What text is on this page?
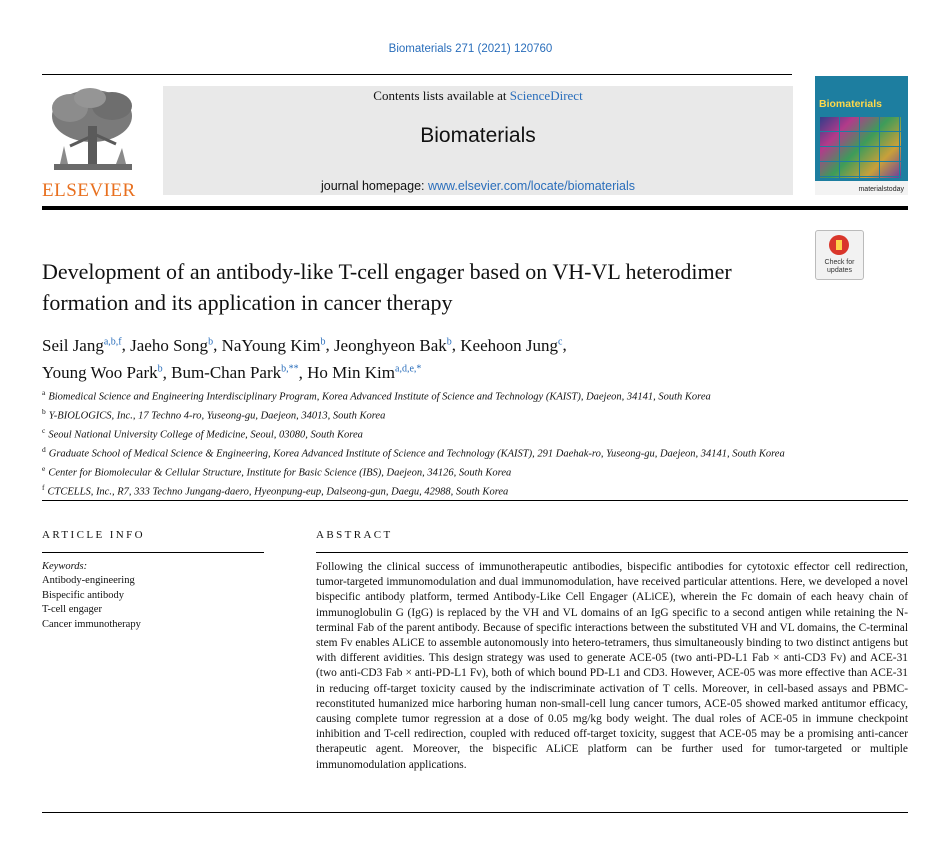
Biomaterials 271 (2021) 120760
ELSEVIER
Contents lists available at ScienceDirect
Biomaterials
journal homepage: www.elsevier.com/locate/biomaterials
Biomaterials
materialstoday
Check for updates
Development of an antibody-like T-cell engager based on VH-VL heterodimer formation and its application in cancer therapy
Seil Jang$^{a,b,f}$, Jaeho Song$^b$, NaYoung Kim$^b$, Jeonghyeon Bak$^b$, Keehoon Jung$^c$,
Young Woo Park$^b$, Bum-Chan Park$^{b,**}$, Ho Min Kim$^{a,d,e,*}$
$^a$ Biomedical Science and Engineering Interdisciplinary Program, Korea Advanced Institute of Science and Technology (KAIST), Daejeon, 34141, South Korea
$^b$ Y-BIOLOGICS, Inc., 17 Techno 4-ro, Yuseong-gu, Daejeon, 34013, South Korea
$^c$ Seoul National University College of Medicine, Seoul, 03080, South Korea
$^d$ Graduate School of Medical Science & Engineering, Korea Advanced Institute of Science and Technology (KAIST), 291 Daehak-ro, Yuseong-gu, Daejeon, 34141, South Korea
$^e$ Center for Biomolecular & Cellular Structure, Institute for Basic Science (IBS), Daejeon, 34126, South Korea
$^f$ CTCELLS, Inc., R7, 333 Techno Jungang-daero, Hyeonpung-eup, Dalseong-gun, Daegu, 42988, South Korea
ARTICLE INFO
Keywords:
Antibody-engineering
Bispecific antibody
T-cell engager
Cancer immunotherapy
ABSTRACT
Following the clinical success of immunotherapeutic antibodies, bispecific antibodies for cytotoxic effector cell redirection, tumor-targeted immunomodulation and dual immunomodulation, have received particular attentions. Here, we developed a novel bispecific antibody platform, termed Antibody-Like Cell Engager (ALiCE), wherein the Fc domain of each heavy chain of immunoglobulin G (IgG) is replaced by the VH and VL domains of an IgG specific to a second antigen while retaining the N-terminal Fab of the parent antibody. Because of specific interactions between the substituted VH and VL domains, the C-terminal stem Fv enables ALiCE to assemble autonomously into hetero-tetramers, thus simultaneously binding to two distinct antigens but with different avidities. This design strategy was used to generate ACE-05 (two anti-PD-L1 Fab × anti-CD3 Fv) and ACE-31 (two anti-CD3 Fab × anti-PD-L1 Fv), both of which bound PD-L1 and CD3. However, ACE-05 was more effective than ACE-31 in reducing off-target toxicity caused by the indiscriminate activation of T cells. Moreover, in cell-based assays and PBMC-reconstituted humanized mice harboring human non-small-cell lung cancer tumors, ACE-05 showed marked antitumor efficacy, causing complete tumor regression at a dose of 0.05 mg/kg body weight. The dual roles of ACE-05 in immune checkpoint inhibition and T-cell redirection, coupled with reduced off-target toxicity, suggest that ACE-05 may be a promising anti-cancer therapeutic agent. Moreover, the bispecific ALiCE platform can be further used for tumor-targeted or multiple immunomodulation applications.
